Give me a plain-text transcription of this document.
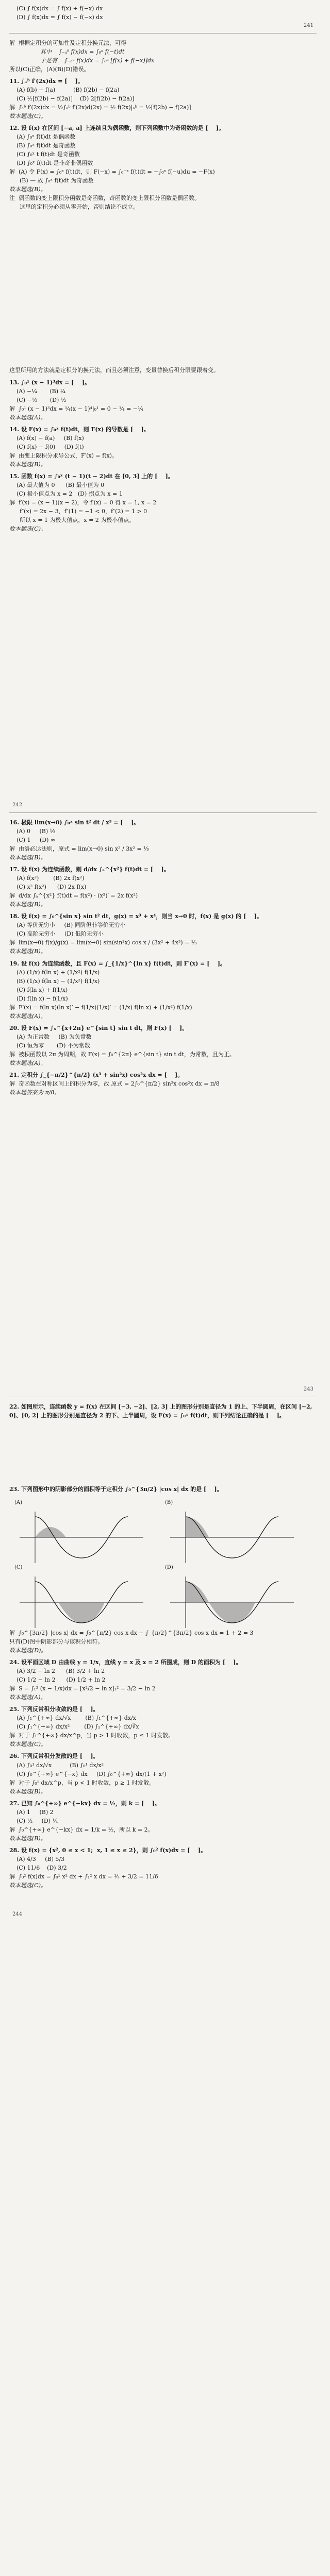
(C) ∫ f(x)dx = ∫ f(x) + f(−x) dx
(D) ∫ f(x)dx = ∫ f(x) − f(−x) dx
241
解  根据定积分的可加性及定积分换元法，可得
其中    ∫₋ₐ⁰ f(x)dx = ∫₀ᵃ f(−t)dt
于是有    ∫₋ₐᵃ f(x)dx = ∫₀ᵃ [f(x) + f(−x)]dx
所以(C)正确，(A)(B)(D)错误。
11. ∫ₐᵇ f′(2x)dx = [    ]。
(A) f(b) − f(a)          (B) f(2b) − f(2a)
(C) ½[f(2b) − f(2a)]    (D) 2[f(2b) − f(2a)]
解  ∫ₐᵇ f′(2x)dx = ½∫ₐᵇ f′(2x)d(2x) = ½ f(2x)|ₐᵇ = ½[f(2b) − f(2a)]
故本题选(C)。
12. 设 f(x) 在区间 [−a, a] 上连续且为偶函数，则下列函数中为奇函数的是 [    ]。
(A) ∫₀ˣ f(t)dt 是偶函数
(B) ∫₀ˣ f(t)dt 是奇函数
(C) ∫₀ˣ t f(t)dt 是奇函数
(D) ∫₀ˣ f(t)dt 是非奇非偶函数
解  (A) 令 F(x) = ∫₀ˣ f(t)dt，则 F(−x) = ∫₀⁻ˣ f(t)dt = −∫₀ˣ f(−u)du = −F(x)
(B) — 故 ∫₀ˣ f(t)dt 为奇函数
故本题选(B)。
注  偶函数的变上限积分函数是奇函数，奇函数的变上限积分函数是偶函数。
这里的定积分必须从零开始，否则结论不成立。
这里所用的方法就是定积分的换元法，而且必须注意，变量替换后积分限要跟着变。
13. ∫₀¹ (x − 1)³dx = [    ]。
(A) −¼       (B) ¼
(C) −½       (D) ½
解  ∫₀¹ (x − 1)³dx = ¼(x − 1)⁴|₀¹ = 0 − ¼ = −¼
故本题选(A)。
14. 设 F(x) = ∫₀ˣ f(t)dt，则 F(x) 的导数是 [    ]。
(A) f(x) − f(a)     (B) f(x)
(C) f(x) − f(0)     (D) f(t)
解  由变上限积分求导公式，F′(x) = f(x)。
故本题选(B)。
15. 函数 f(x) = ∫₀ˣ (t − 1)(t − 2)dt 在 [0, 3] 上的 [    ]。
(A) 最大值为 0      (B) 最小值为 0
(C) 极小值点为 x = 2   (D) 拐点为 x = 1
解  f′(x) = (x − 1)(x − 2)，令 f′(x) = 0 得 x = 1, x = 2
f″(x) = 2x − 3，f″(1) = −1 < 0，f″(2) = 1 > 0
所以 x = 1 为极大值点，x = 2 为极小值点。
故本题选(C)。
242
16. 极限 lim(x→0) ∫₀ˣ sin t² dt / x³ = [    ]。
(A) 0     (B) ⅓
(C) 1     (D) ∞
解  由洛必达法则，原式 = lim(x→0) sin x² / 3x² = ⅓
故本题选(B)。
17. 设 f(x) 为连续函数，则 d/dx ∫ₐ^{x²} f(t)dt = [    ]。
(A) f(x²)        (B) 2x f(x²)
(C) x² f(x²)      (D) 2x f(x)
解  d/dx ∫ₐ^{x²} f(t)dt = f(x²) · (x²)′ = 2x f(x²)
故本题选(B)。
18. 设 f(x) = ∫₀^{sin x} sin t² dt，g(x) = x³ + x⁴，则当 x→0 时，f(x) 是 g(x) 的 [    ]。
(A) 等价无穷小     (B) 同阶但非等价无穷小
(C) 高阶无穷小     (D) 低阶无穷小
解  lim(x→0) f(x)/g(x) = lim(x→0) sin(sin²x) cos x / (3x² + 4x³) = ⅓
故本题选(B)。
19. 设 f(x) 为连续函数，且 F(x) = ∫_{1/x}^{ln x} f(t)dt，则 F′(x) = [    ]。
(A) (1/x) f(ln x) + (1/x²) f(1/x)
(B) (1/x) f(ln x) − (1/x²) f(1/x)
(C) f(ln x) + f(1/x)
(D) f(ln x) − f(1/x)
解  F′(x) = f(ln x)(ln x)′ − f(1/x)(1/x)′ = (1/x) f(ln x) + (1/x²) f(1/x)
故本题选(A)。
20. 设 F(x) = ∫ₓ^{x+2π} e^{sin t} sin t dt，则 F(x) [    ]。
(A) 为正常数     (B) 为负常数
(C) 恒为零       (D) 不为常数
解  被积函数以 2π 为周期，故 F(x) = ∫₀^{2π} e^{sin t} sin t dt，为常数，且为正。
故本题选(A)。
21. 定积分 ∫_{−π/2}^{π/2} (x³ + sin²x) cos²x dx = [    ]。
解  奇函数在对称区间上的积分为零，故 原式 = 2∫₀^{π/2} sin²x cos²x dx = π/8
故本题答案为 π/8。
243
22. 如图所示，连续函数 y = f(x) 在区间 [−3, −2]、[2, 3] 上的图形分别是直径为 1 的上、下半圆周，在区间 [−2, 0]、[0, 2] 上的图形分别是直径为 2 的下、上半圆周，设 F(x) = ∫₀ˣ f(t)dt，则下列结论正确的是 [    ]。
23. 下列图形中的阴影部分的面积等于定积分 ∫₀^{3π/2} |cos x| dx 的是 [    ]。
(A)	(B)
(C)	(D)
解  ∫₀^{3π/2} |cos x| dx = ∫₀^{π/2} cos x dx − ∫_{π/2}^{3π/2} cos x dx = 1 + 2 = 3
只有(D)图中阴影部分与该积分相符。
故本题选(D)。
24. 设平面区域 D 由曲线 y = 1/x，直线 y = x 及 x = 2 所围成，则 D 的面积为 [    ]。
(A) 3/2 − ln 2      (B) 3/2 + ln 2
(C) 1/2 − ln 2      (D) 1/2 + ln 2
解  S = ∫₁² (x − 1/x)dx = [x²/2 − ln x]₁² = 3/2 − ln 2
故本题选(A)。
25. 下列反常积分收敛的是 [    ]。
(A) ∫₁^{+∞} dx/√x        (B) ∫₁^{+∞} dx/x
(C) ∫₁^{+∞} dx/x²        (D) ∫₁^{+∞} dx/∛x
解  对于 ∫₁^{+∞} dx/x^p，当 p > 1 时收敛，p ≤ 1 时发散。
故本题选(C)。
26. 下列反常积分发散的是 [    ]。
(A) ∫₀¹ dx/√x          (B) ∫₀¹ dx/x²
(C) ∫₀^{+∞} e^{−x} dx     (D) ∫₀^{+∞} dx/(1 + x²)
解  对于 ∫₀¹ dx/x^p，当 p < 1 时收敛，p ≥ 1 时发散。
故本题选(B)。
27. 已知 ∫₀^{+∞} e^{−kx} dx = ½，则 k = [    ]。
(A) 1     (B) 2
(C) ½     (D) ¼
解  ∫₀^{+∞} e^{−kx} dx = 1/k = ½，所以 k = 2。
故本题选(B)。
28. 设 f(x) = {x², 0 ≤ x < 1;  x, 1 ≤ x ≤ 2}，则 ∫₀² f(x)dx = [    ]。
(A) 4/3     (B) 5/3
(C) 11/6    (D) 3/2
解  ∫₀² f(x)dx = ∫₀¹ x² dx + ∫₁² x dx = ⅓ + 3/2 = 11/6
故本题选(C)。
244
